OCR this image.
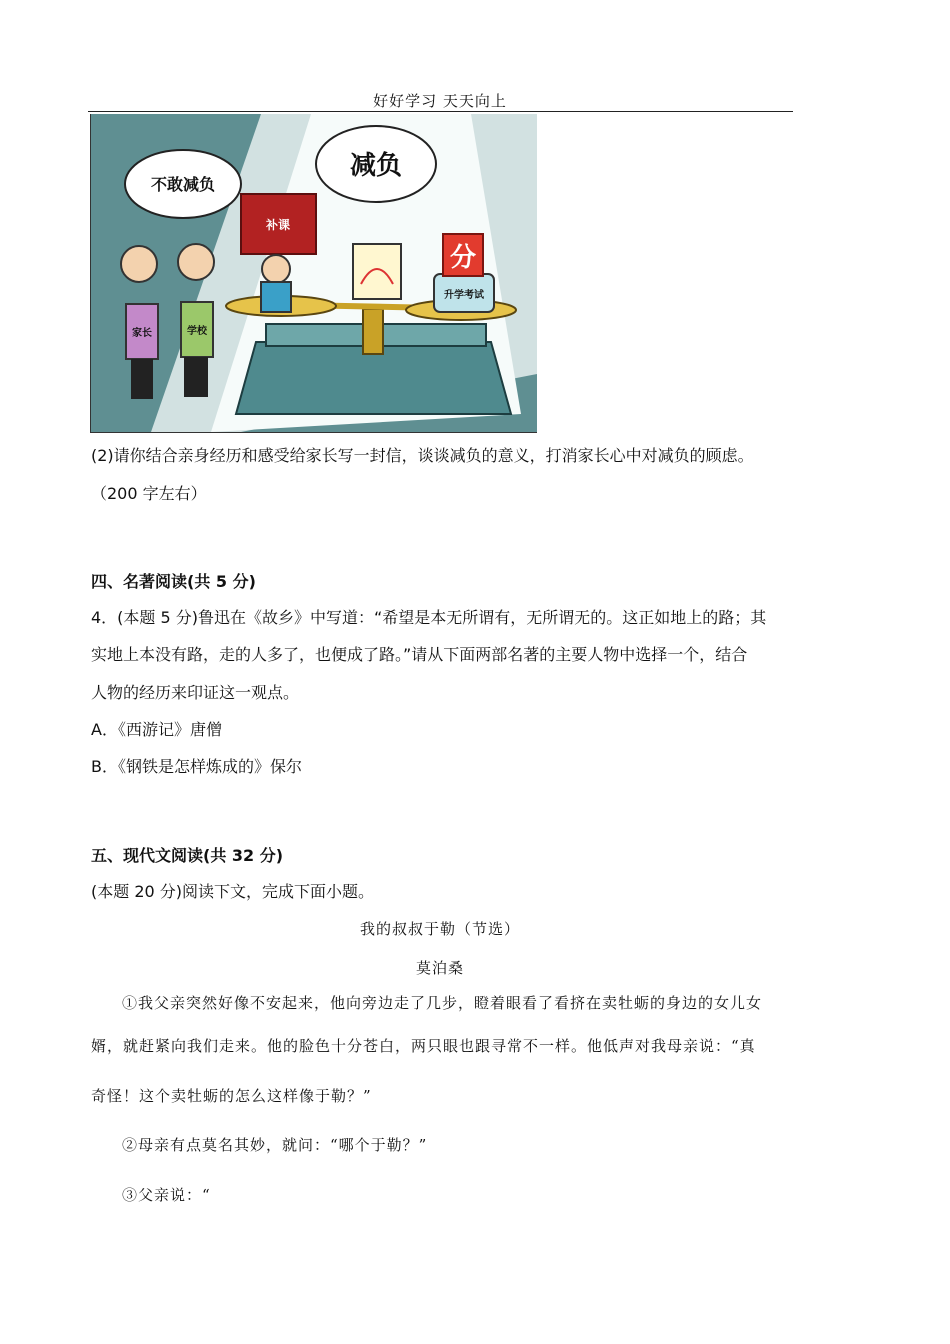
好好学习 天天向上
不敢减负
减负
家长	学校
补课
分
升学考试
(2)请你结合亲身经历和感受给家长写一封信，谈谈减负的意义，打消家长心中对减负的顾虑。
（200 字左右）
四、名著阅读(共 5 分)
4．(本题 5 分)鲁迅在《故乡》中写道：“希望是本无所谓有，无所谓无的。这正如地上的路；其
实地上本没有路，走的人多了，也便成了路。”请从下面两部名著的主要人物中选择一个，结合
人物的经历来印证这一观点。
A．《西游记》唐僧
B．《钢铁是怎样炼成的》保尔
五、现代文阅读(共 32 分)
(本题 20 分)阅读下文，完成下面小题。
我的叔叔于勒（节选）
莫泊桑
①我父亲突然好像不安起来，他向旁边走了几步，瞪着眼看了看挤在卖牡蛎的身边的女儿女
婿，就赶紧向我们走来。他的脸色十分苍白，两只眼也跟寻常不一样。他低声对我母亲说：“真
奇怪！这个卖牡蛎的怎么这样像于勒？”
②母亲有点莫名其妙，就问：“哪个于勒？”
③父亲说：“
